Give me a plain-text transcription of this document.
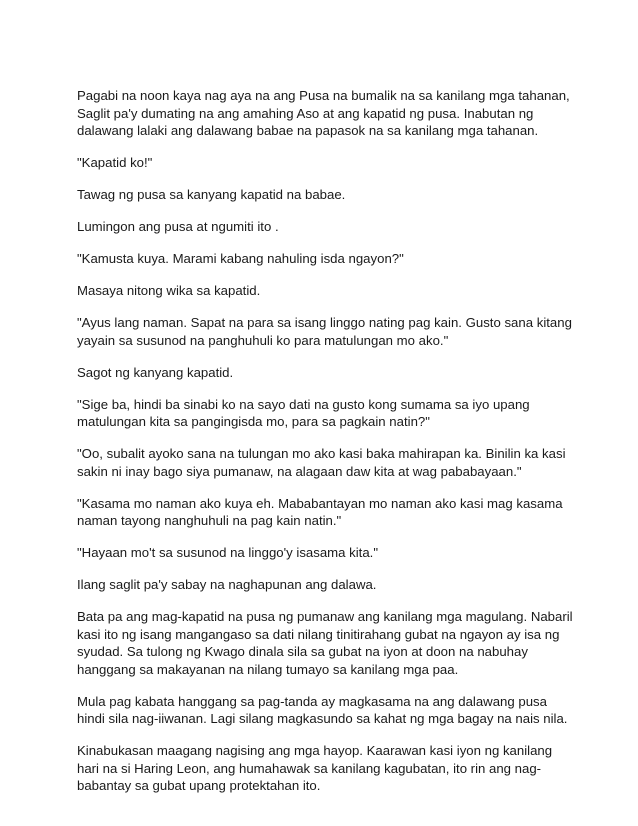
Pagabi na noon kaya nag aya na ang Pusa na bumalik na sa kanilang mga tahanan, Saglit pa'y dumating na ang amahing Aso at ang kapatid ng pusa. Inabutan ng dalawang lalaki ang dalawang babae na papasok na sa kanilang mga tahanan.

"Kapatid ko!"

Tawag ng pusa sa kanyang kapatid na babae.

Lumingon ang pusa at ngumiti ito .

"Kamusta kuya. Marami kabang nahuling isda ngayon?"

Masaya nitong wika sa kapatid.

"Ayus lang naman. Sapat na para sa isang linggo nating pag kain. Gusto sana kitang yayain sa susunod na panghuhuli ko para matulungan mo ako."

Sagot ng kanyang kapatid.

"Sige ba, hindi ba sinabi ko na sayo dati na gusto kong sumama sa iyo upang matulungan kita sa pangingisda mo, para sa pagkain natin?"

"Oo, subalit ayoko sana na tulungan mo ako kasi baka mahirapan ka. Binilin ka kasi sakin ni inay bago siya pumanaw, na alagaan daw kita at wag pababayaan."

"Kasama mo naman ako kuya eh. Mababantayan mo naman ako kasi mag kasama naman tayong nanghuhuli na pag kain natin."

"Hayaan mo't sa susunod na linggo'y isasama kita."

Ilang saglit pa'y sabay na naghapunan ang dalawa.

Bata pa ang mag-kapatid na pusa ng pumanaw ang kanilang mga magulang. Nabaril kasi ito ng isang mangangaso sa dati nilang tinitirahang gubat na ngayon ay isa ng syudad. Sa tulong ng Kwago dinala sila sa gubat na iyon at doon na nabuhay hanggang sa makayanan na nilang tumayo sa kanilang mga paa.

Mula pag kabata hanggang sa pag-tanda ay magkasama na ang dalawang pusa hindi sila nag-iiwanan. Lagi silang magkasundo sa kahat ng mga bagay na nais nila.

Kinabukasan maagang nagising ang mga hayop. Kaarawan kasi iyon ng kanilang hari na si Haring Leon, ang humahawak sa kanilang kagubatan, ito rin ang nag-babantay sa gubat upang protektahan ito.
